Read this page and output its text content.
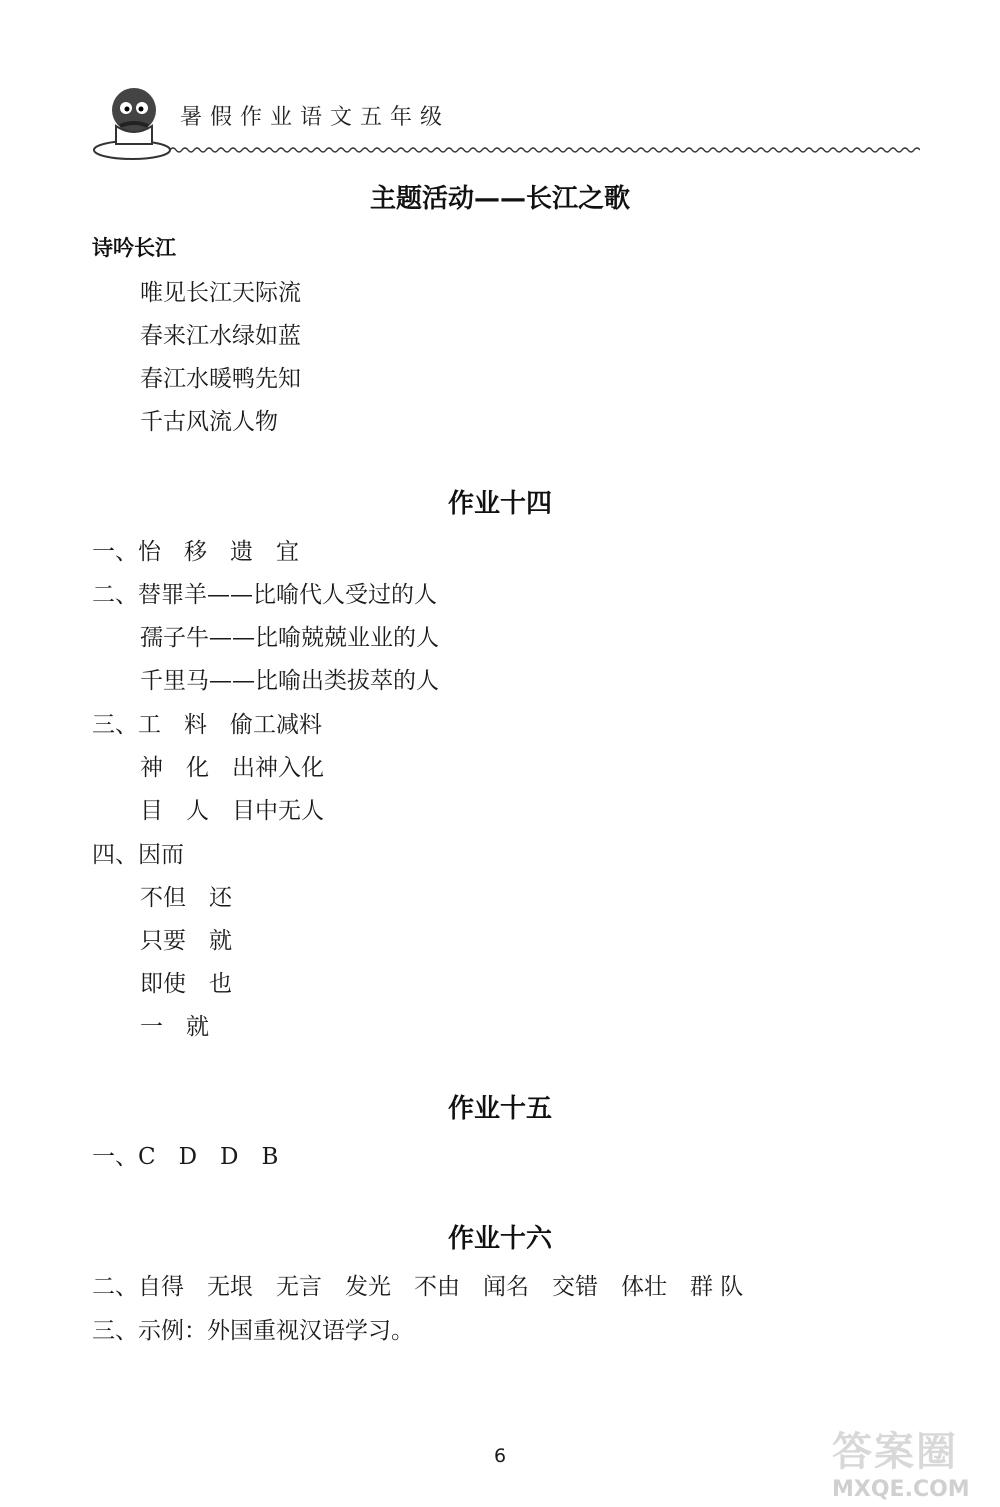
暑假作业语文五年级
主题活动——长江之歌
诗吟长江
唯见长江天际流
春来江水绿如蓝
春江水暖鸭先知
千古风流人物
作业十四
一、怡　移　遗　宜
二、替罪羊——比喻代人受过的人
孺子牛——比喻兢兢业业的人
千里马——比喻出类拔萃的人
三、工　料　偷工减料
神　化　出神入化
目　人　目中无人
四、因而
不但　还
只要　就
即使　也
一　就
作业十五
一、C　D　D　B
作业十六
二、自得　无垠　无言　发光　不由　闻名　交错　体壮　群 队
三、示例：外国重视汉语学习。
6	答案圈
MXQE.COM
